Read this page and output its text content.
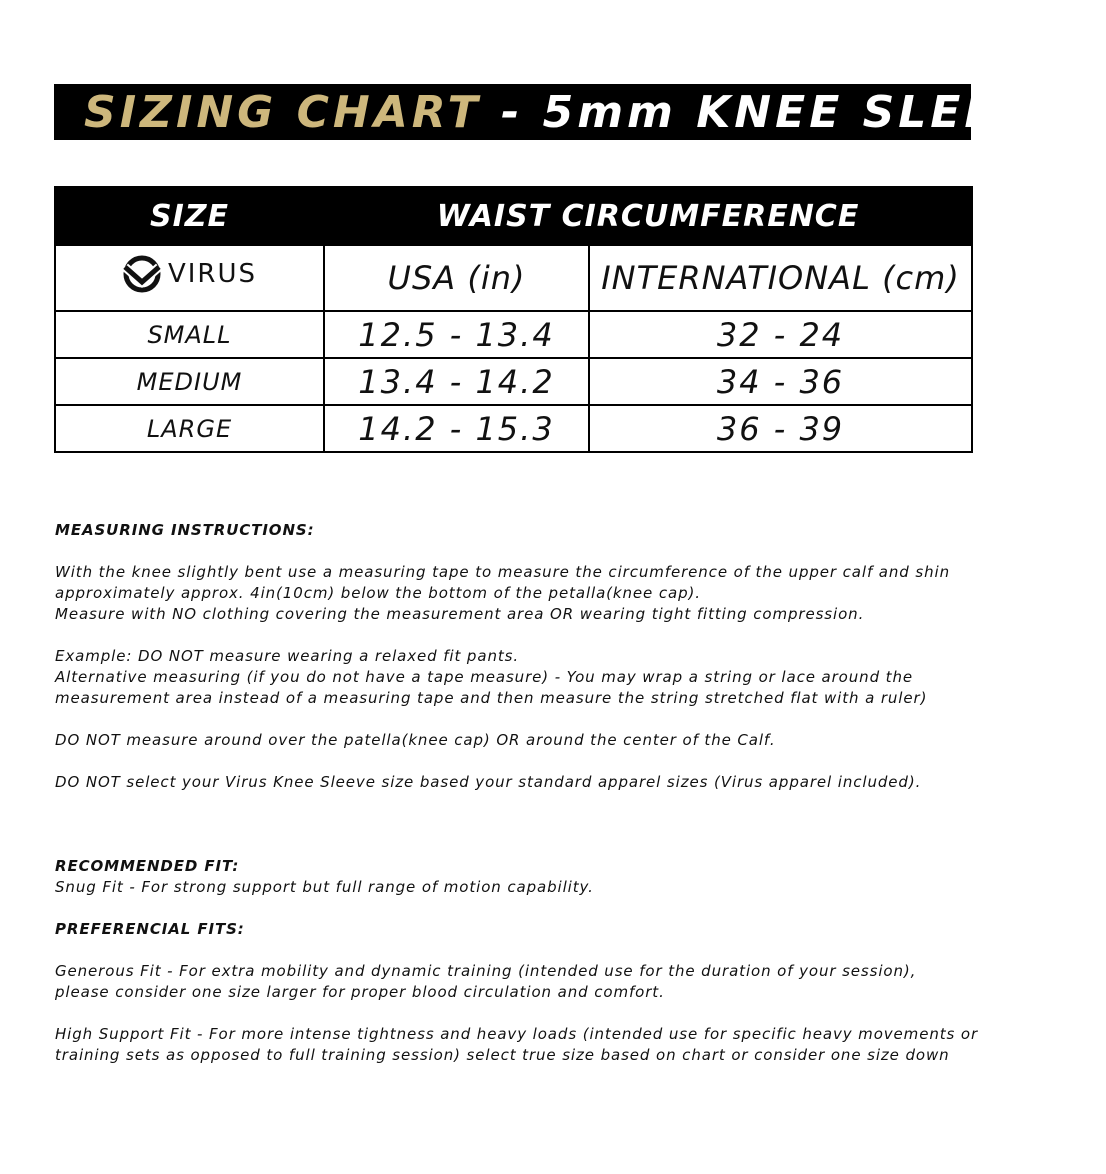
SIZING CHART - 5mm KNEE SLEEVES
SIZE	WAIST CIRCUMFERENCE	

VIRUS	USA (in)	INTERNATIONAL (cm)
SMALL	12.5 - 13.4	32 - 24
MEDIUM	13.4 - 14.2	34 - 36
LARGE	14.2 - 15.3	36 - 39

MEASURING INSTRUCTIONS:

With the knee slightly bent use a measuring tape to measure the circumference of the upper calf and shin

approximately approx. 4in(10cm) below the bottom of the petalla(knee cap).

Measure with NO clothing covering the measurement area OR wearing tight fitting compression.

Example: DO NOT measure wearing a relaxed fit pants.

Alternative measuring (if you do not have a tape measure) - You may wrap a string or lace around the

measurement area instead of a measuring tape and then measure the string stretched flat with a ruler)

DO NOT measure around over the patella(knee cap) OR around the center of the Calf.

DO NOT select your Virus Knee Sleeve size based your standard apparel sizes (Virus apparel included).

RECOMMENDED FIT:

Snug Fit - For strong support but full range of motion capability.

PREFERENCIAL FITS:

Generous Fit - For extra mobility and dynamic training (intended use for the duration of your session),

please consider one size larger for proper blood circulation and comfort.

High Support Fit - For more intense tightness and heavy loads (intended use for specific heavy movements or

training sets as opposed to full training session) select true size based on chart or consider one size down
